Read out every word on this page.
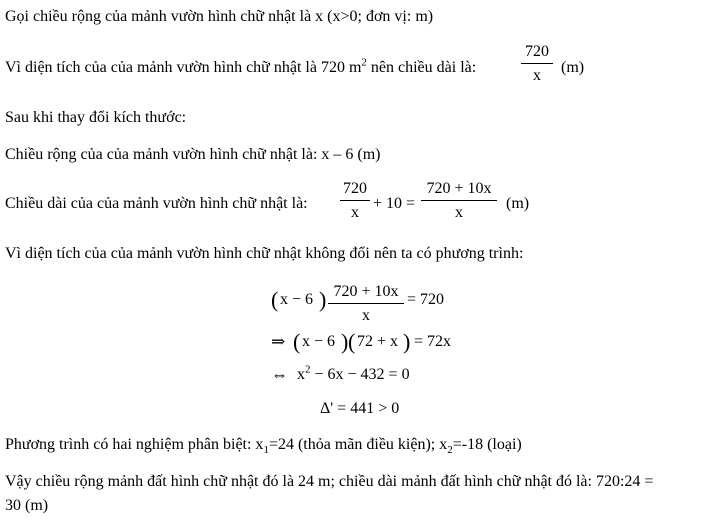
Gọi chiều rộng của mảnh vườn hình chữ nhật là x (x>0; đơn vị: m)
Vì diện tích của của mảnh vườn hình chữ nhật là 720 $m^2$ nên chiều dài là:
720
x	(m)
Sau khi thay đổi kích thước:
Chiều rộng của của mảnh vườn hình chữ nhật là: x – 6 (m)
Chiều dài của của mảnh vườn hình chữ nhật là:
720
x
+ 10 =
720 + 10x
x
(m)
Vì diện tích của của mảnh vườn hình chữ nhật không đổi nên ta có phương trình:
( x − 6 ) 720 + 10x
x
= 720
⇒ ( x − 6 ) ( 72 + x ) = 72x
⇔ $x^2 - 6x - 432 = 0$
Δ' = 441 > 0
Phương trình có hai nghiệm phân biệt: $x_1=24$ (thỏa mãn điều kiện); $x_2=-18$ (loại)
Vậy chiều rộng mảnh đất hình chữ nhật đó là 24 m; chiều dài mảnh đất hình chữ nhật đó là: 720:24 =
30 (m)
